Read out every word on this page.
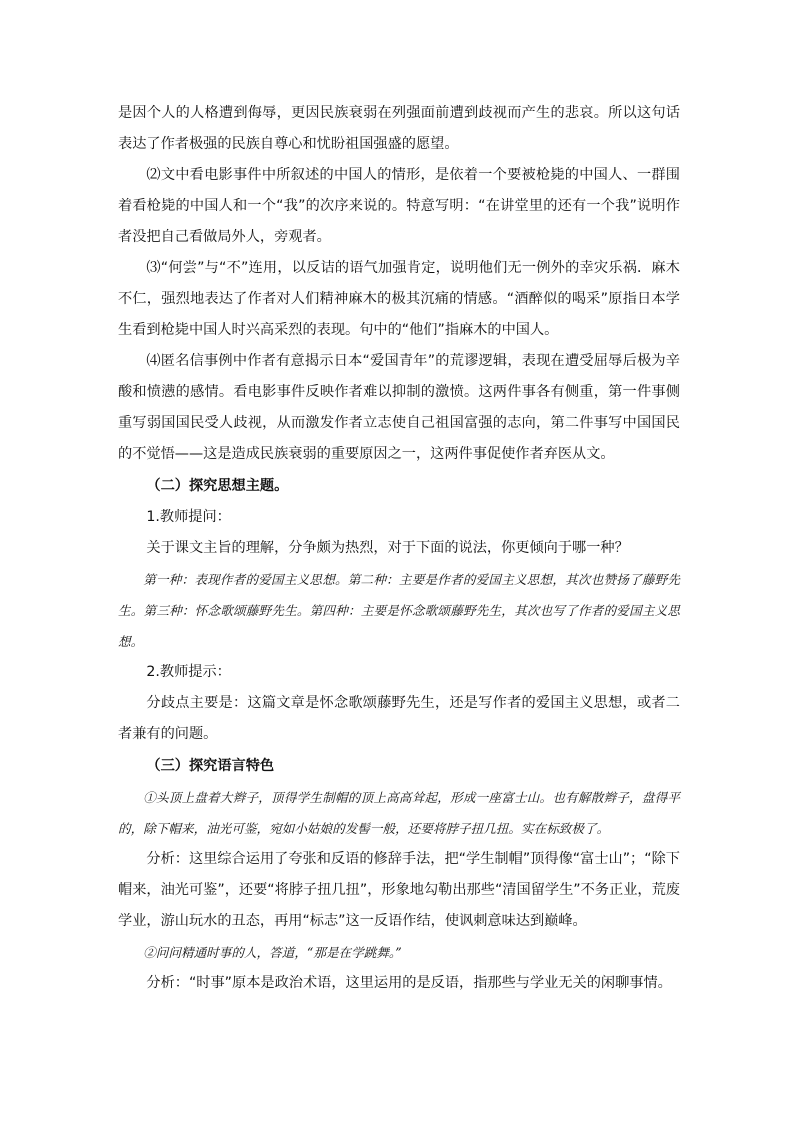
是因个人的人格遭到侮辱，更因民族衰弱在列强面前遭到歧视而产生的悲哀。所以这句话表达了作者极强的民族自尊心和忧盼祖国强盛的愿望。

⑵文中看电影事件中所叙述的中国人的情形，是依着一个要被枪毙的中国人、一群围着看枪毙的中国人和一个“我”的次序来说的。特意写明：“在讲堂里的还有一个我”说明作者没把自己看做局外人，旁观者。

⑶“何尝”与“不”连用，以反诘的语气加强肯定，说明他们无一例外的幸灾乐祸．麻木不仁，强烈地表达了作者对人们精神麻木的极其沉痛的情感。“酒醉似的喝采”原指日本学生看到枪毙中国人时兴高采烈的表现。句中的“他们”指麻木的中国人。

⑷匿名信事例中作者有意揭示日本“爱国青年”的荒谬逻辑，表现在遭受屈辱后极为辛酸和愤懑的感情。看电影事件反映作者难以抑制的激愤。这两件事各有侧重，第一件事侧重写弱国国民受人歧视，从而激发作者立志使自己祖国富强的志向，第二件事写中国国民的不觉悟——这是造成民族衰弱的重要原因之一，这两件事促使作者弃医从文。

（二）探究思想主题。

1.教师提问：

关于课文主旨的理解，分争颇为热烈，对于下面的说法，你更倾向于哪一种？

第一种：表现作者的爱国主义思想。第二种：主要是作者的爱国主义思想，其次也赞扬了藤野先生。第三种：怀念歌颂藤野先生。第四种：主要是怀念歌颂藤野先生，其次也写了作者的爱国主义思想。

2.教师提示：

分歧点主要是：这篇文章是怀念歌颂藤野先生，还是写作者的爱国主义思想，或者二者兼有的问题。

（三）探究语言特色

①头顶上盘着大辫子，顶得学生制帽的顶上高高耸起，形成一座富士山。也有解散辫子，盘得平的，除下帽来，油光可鉴，宛如小姑娘的发髻一般，还要将脖子扭几扭。实在标致极了。

分析：这里综合运用了夸张和反语的修辞手法，把“学生制帽”顶得像“富士山”；“除下帽来，油光可鉴”，还要“将脖子扭几扭”，形象地勾勒出那些“清国留学生”不务正业，荒废学业，游山玩水的丑态，再用“标志”这一反语作结，使讽刺意味达到巅峰。

②问问精通时事的人，答道，“那是在学跳舞。”

分析：“时事”原本是政治术语，这里运用的是反语，指那些与学业无关的闲聊事情。
